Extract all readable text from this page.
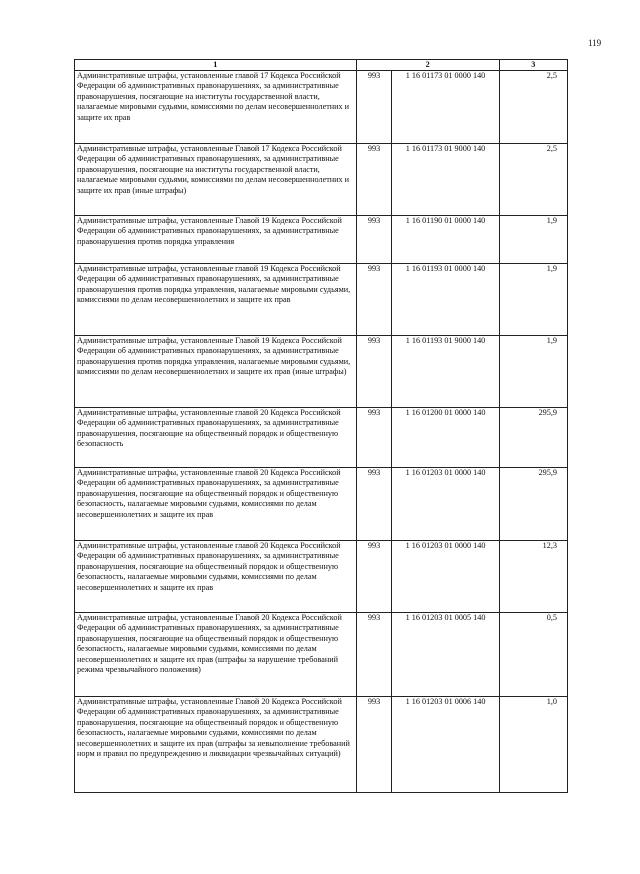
119
1	2		3
Административные штрафы, установленные главой 17 Кодекса Российской Федерации об административных правонарушениях, за административные правонарушения, посягающие на институты государственной власти, налагаемые мировыми судьями, комиссиями по делам несовершеннолетних и защите их прав	993	1 16 01173 01 0000 140	2,5
Административные штрафы, установленные Главой 17 Кодекса Российской Федерации об административных правонарушениях, за административные правонарушения, посягающие на институты государственной власти, налагаемые мировыми судьями, комиссиями по делам несовершеннолетних и защите их прав (иные штрафы)	993	1 16 01173 01 9000 140	2,5
Административные штрафы, установленные Главой 19 Кодекса Российской Федерации об административных правонарушениях, за административные правонарушения против порядка управления	993	1 16 01190 01 0000 140	1,9
Административные штрафы, установленные главой 19 Кодекса Российской Федерации об административных правонарушениях, за административные правонарушения против порядка управления, налагаемые мировыми судьями, комиссиями по делам несовершеннолетних и защите их прав	993	1 16 01193 01 0000 140	1,9
Административные штрафы, установленные Главой 19 Кодекса Российской Федерации об административных правонарушениях, за административные правонарушения против порядка управления, налагаемые мировыми судьями, комиссиями по делам несовершеннолетних и защите их прав (иные штрафы)	993	1 16 01193 01 9000 140	1,9
Административные штрафы, установленные главой 20 Кодекса Российской Федерации об административных правонарушениях, за административные правонарушения, посягающие на общественный порядок и общественную безопасность	993	1 16 01200 01 0000 140	295,9
Административные штрафы, установленные главой 20 Кодекса Российской Федерации об административных правонарушениях, за административные правонарушения, посягающие на общественный порядок и общественную безопасность, налагаемые мировыми судьями, комиссиями по делам несовершеннолетних и защите их прав	993	1 16 01203 01 0000 140	295,9
Административные штрафы, установленные главой 20 Кодекса Российской Федерации об административных правонарушениях, за административные правонарушения, посягающие на общественный порядок и общественную безопасность, налагаемые мировыми судьями, комиссиями по делам несовершеннолетних и защите их прав	993	1 16 01203 01 0000 140	12,3
Административные штрафы, установленные Главой 20 Кодекса Российской Федерации об административных правонарушениях, за административные правонарушения, посягающие на общественный порядок и общественную безопасность, налагаемые мировыми судьями, комиссиями по делам несовершеннолетних и защите их прав (штрафы за нарушение требований режима чрезвычайного положения)	993	1 16 01203 01 0005 140	0,5
Административные штрафы, установленные Главой 20 Кодекса Российской Федерации об административных правонарушениях, за административные правонарушения, посягающие на общественный порядок и общественную безопасность, налагаемые мировыми судьями, комиссиями по делам несовершеннолетних и защите их прав (штрафы за невыполнение требований норм и правил по предупреждению и ликвидации чрезвычайных ситуаций)	993	1 16 01203 01 0006 140	1,0
